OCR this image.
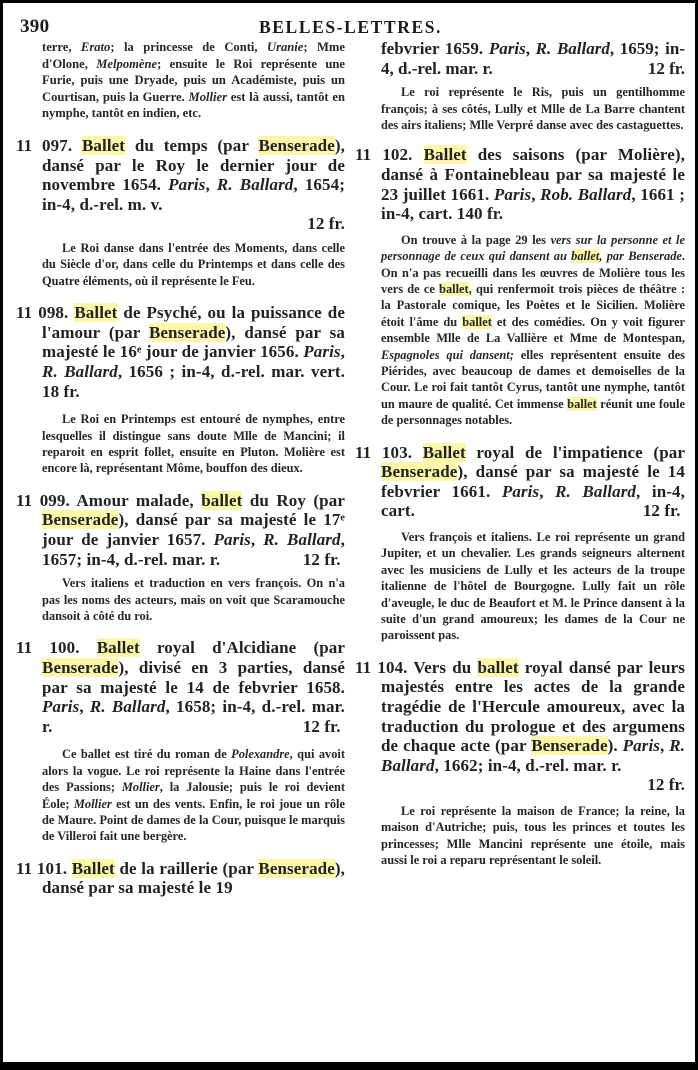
390	BELLES-LETTRES.
terre, Erato; la princesse de Conti, Uranie; Mme d'Olone, Melpomène; ensuite le Roi représente une Furie, puis une Dryade, puis un Académiste, puis un Courtisan, puis la Guerre. Mollier est là aussi, tantôt en nymphe, tantôt en indien, etc.
11 097. Ballet du temps (par Benserade), dansé par le Roy le dernier jour de novembre 1654. Paris, R. Ballard, 1654; in-4, d.-rel. m. v.
12 fr.
Le Roi danse dans l'entrée des Moments, dans celle du Siècle d'or, dans celle du Printemps et dans celle des Quatre éléments, où il représente le Feu.
11 098. Ballet de Psyché, ou la puissance de l'amour (par Benserade), dansé par sa majesté le 16ᵉ jour de janvier 1656. Paris, R. Ballard, 1656 ; in-4, d.-rel. mar. vert. 18 fr.
Le Roi en Printemps est entouré de nymphes, entre lesquelles il distingue sans doute Mlle de Mancini; il reparoit en esprit follet, ensuite en Pluton. Molière est encore là, représentant Môme, bouffon des dieux.
11 099. Amour malade, ballet du Roy (par Benserade), dansé par sa majesté le 17ᵉ jour de janvier 1657. Paris, R. Ballard, 1657; in-4, d.-rel. mar. r.	12 fr.
Vers italiens et traduction en vers françois. On n'a pas les noms des acteurs, mais on voit que Scaramouche dansoit à côté du roi.
11 100. Ballet royal d'Alcidiane (par Benserade), divisé en 3 parties, dansé par sa majesté le 14 de febvrier 1658. Paris, R. Ballard, 1658; in-4, d.-rel. mar. r.	12 fr.
Ce ballet est tiré du roman de Polexandre, qui avoit alors la vogue. Le roi représente la Haine dans l'entrée des Passions; Mollier, la Jalousie; puis le roi devient Éole; Mollier est un des vents. Enfin, le roi joue un rôle de Maure. Point de dames de la Cour, puisque le marquis de Villeroi fait une bergère.
11 101. Ballet de la raillerie (par Benserade), dansé par sa majesté le 19
febvrier 1659. Paris, R. Ballard, 1659; in-4, d.-rel. mar. r.	12 fr.
Le roi représente le Ris, puis un gentilhomme françois; à ses côtés, Lully et Mlle de La Barre chantent des airs italiens; Mlle Verpré danse avec des castaguettes.
11 102. Ballet des saisons (par Molière), dansé à Fontainebleau par sa majesté le 23 juillet 1661. Paris, Rob. Ballard, 1661 ; in-4, cart. 140 fr.
On trouve à la page 29 les vers sur la personne et le personnage de ceux qui dansent au ballet, par Benserade. On n'a pas recueilli dans les œuvres de Molière tous les vers de ce ballet, qui renfermoit trois pièces de théâtre : la Pastorale comique, les Poètes et le Sicilien. Molière étoit l'âme du ballet et des comédies. On y voit figurer ensemble Mlle de La Vallière et Mme de Montespan, Espagnoles qui dansent; elles représentent ensuite des Piérides, avec beaucoup de dames et demoiselles de la Cour. Le roi fait tantôt Cyrus, tantôt une nymphe, tantôt un maure de qualité. Cet immense ballet réunit une foule de personnages notables.
11 103. Ballet royal de l'impatience (par Benserade), dansé par sa majesté le 14 febvrier 1661. Paris, R. Ballard, in-4, cart.	12 fr.
Vers françois et italiens. Le roi représente un grand Jupiter, et un chevalier. Les grands seigneurs alternent avec les musiciens de Lully et les acteurs de la troupe italienne de l'hôtel de Bourgogne. Lully fait un rôle d'aveugle, le duc de Beaufort et M. le Prince dansent à la suite d'un grand amoureux; les dames de la Cour ne paroissent pas.
11 104. Vers du ballet royal dansé par leurs majestés entre les actes de la grande tragédie de l'Hercule amoureux, avec la traduction du prologue et des argumens de chaque acte (par Benserade). Paris, R. Ballard, 1662; in-4, d.-rel. mar. r.
12 fr.
Le roi représente la maison de France; la reine, la maison d'Autriche; puis, tous les princes et toutes les princesses; Mlle Mancini représente une étoile, mais aussi le roi a reparu représentant le soleil.
